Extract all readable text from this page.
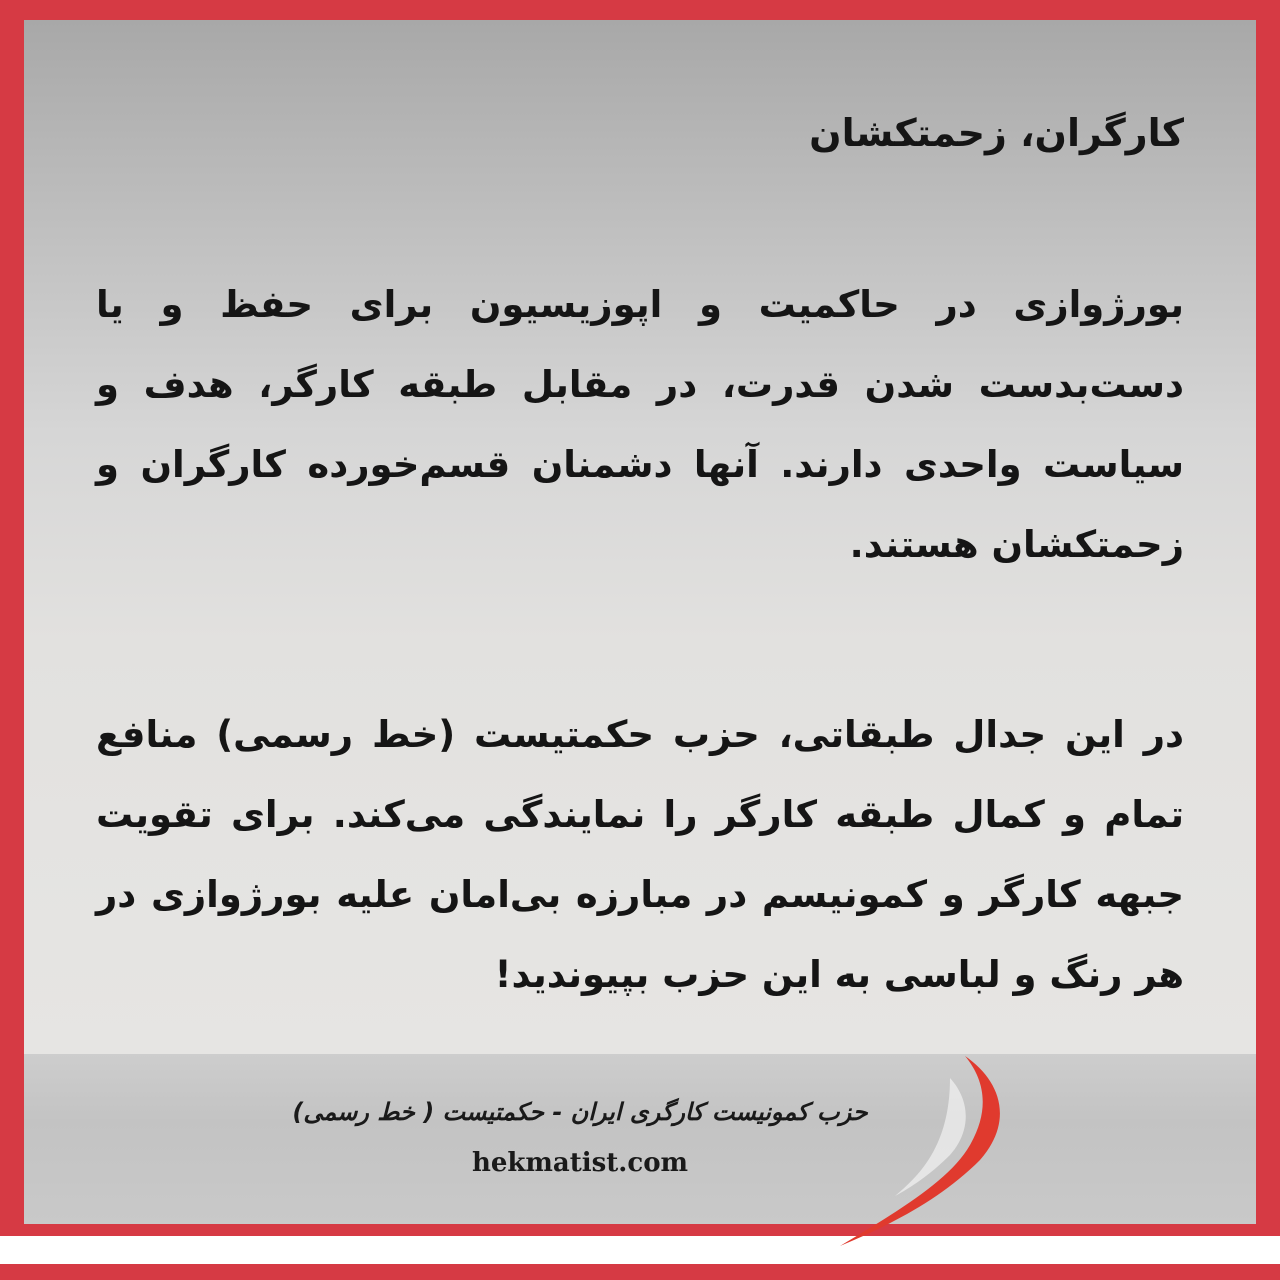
کارگران، زحمتکشان
بورژوازی در حاکمیت و اپوزیسیون برای حفظ و یا دست‌بدست شدن قدرت، در مقابل طبقه کارگر، هدف و سیاست واحدی دارند. آنها دشمنان قسم‌خورده کارگران و زحمتکشان هستند.
در این جدال طبقاتی، حزب حکمتیست (خط رسمی) منافع تمام و کمال طبقه کارگر را نمایندگی می‌کند. برای تقویت جبهه کارگر و کمونیسم در مبارزه بی‌امان علیه بورژوازی در هر رنگ و لباسی به این حزب بپیوندید!
حزب کمونیست کارگری ایران - حکمتیست ( خط رسمی)
hekmatist.com
